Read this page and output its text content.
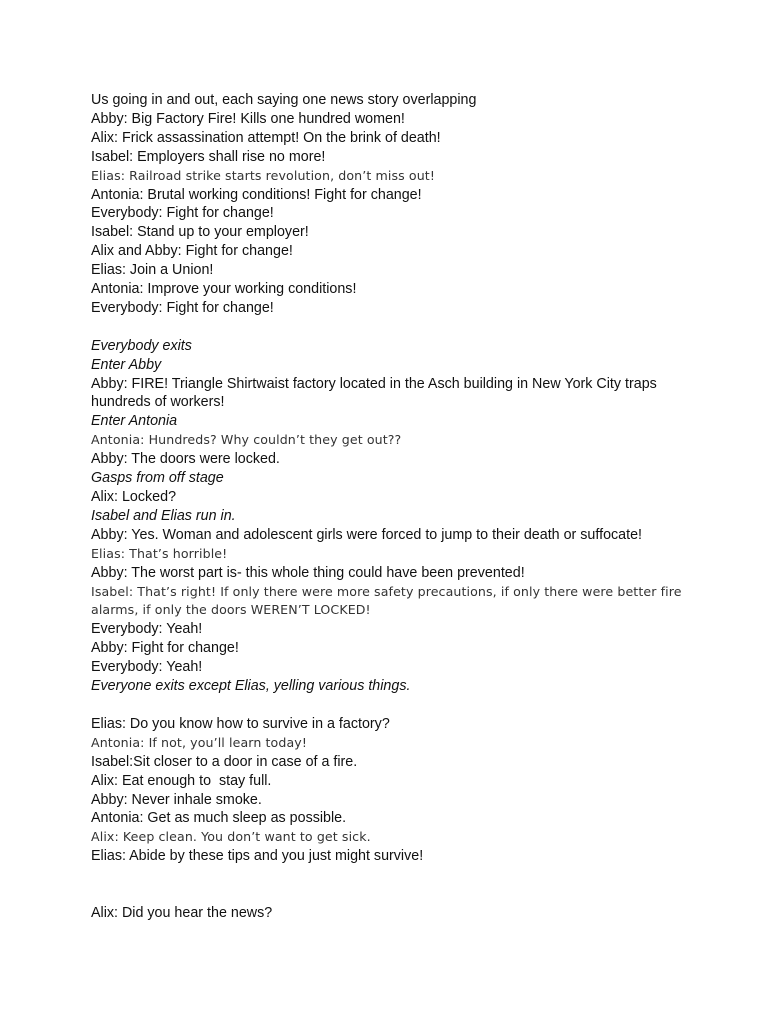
Us going in and out, each saying one news story overlapping

Abby: Big Factory Fire! Kills one hundred women!

Alix: Frick assassination attempt! On the brink of death!

Isabel: Employers shall rise no more!

Elias: Railroad strike starts revolution, don’t miss out!

Antonia: Brutal working conditions! Fight for change!

Everybody: Fight for change!

Isabel: Stand up to your employer!

Alix and Abby: Fight for change!

Elias: Join a Union!

Antonia: Improve your working conditions!

Everybody: Fight for change!

Everybody exits

Enter Abby

Abby: FIRE! Triangle Shirtwaist factory located in the Asch building in New York City traps

hundreds of workers!

Enter Antonia

Antonia: Hundreds? Why couldn’t they get out??

Abby: The doors were locked.

Gasps from off stage

Alix: Locked?

Isabel and Elias run in.

Abby: Yes. Woman and adolescent girls were forced to jump to their death or suffocate!

Elias: That’s horrible!

Abby: The worst part is- this whole thing could have been prevented!

Isabel: That’s right! If only there were more safety precautions, if only there were better fire

alarms, if only the doors WEREN’T LOCKED!

Everybody: Yeah!

Abby: Fight for change!

Everybody: Yeah!

Everyone exits except Elias, yelling various things.

Elias: Do you know how to survive in a factory?

Antonia: If not, you’ll learn today!

Isabel:Sit closer to a door in case of a fire.

Alix: Eat enough to  stay full.

Abby: Never inhale smoke.

Antonia: Get as much sleep as possible.

Alix: Keep clean. You don’t want to get sick.

Elias: Abide by these tips and you just might survive!

Alix: Did you hear the news?
